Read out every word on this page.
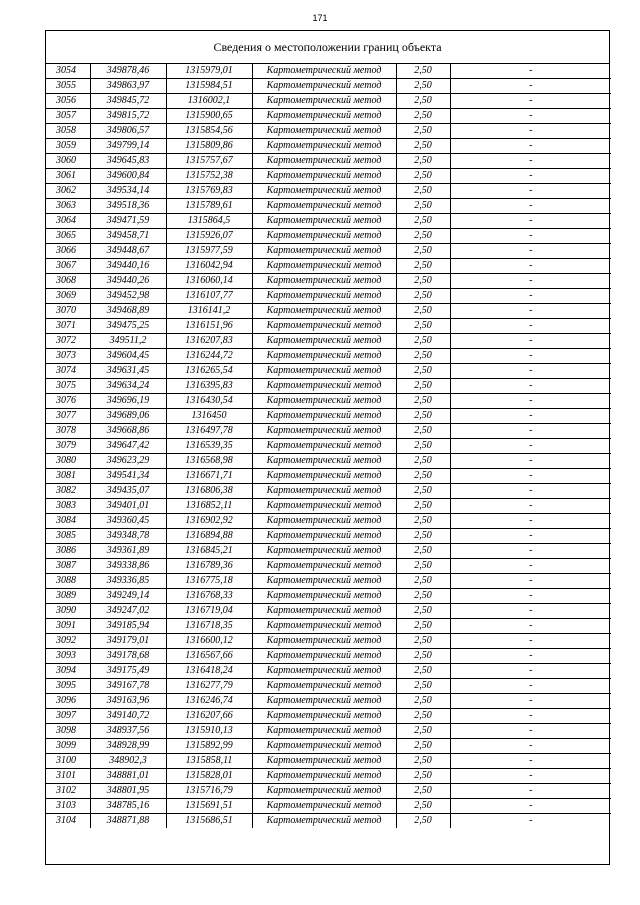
171
Сведения о местоположении границ объекта
3054	349878,46	1315979,01	Картометрический метод	2,50	-
3055	349863,97	1315984,51	Картометрический метод	2,50	-
3056	349845,72	1316002,1	Картометрический метод	2,50	-
3057	349815,72	1315900,65	Картометрический метод	2,50	-
3058	349806,57	1315854,56	Картометрический метод	2,50	-
3059	349799,14	1315809,86	Картометрический метод	2,50	-
3060	349645,83	1315757,67	Картометрический метод	2,50	-
3061	349600,84	1315752,38	Картометрический метод	2,50	-
3062	349534,14	1315769,83	Картометрический метод	2,50	-
3063	349518,36	1315789,61	Картометрический метод	2,50	-
3064	349471,59	1315864,5	Картометрический метод	2,50	-
3065	349458,71	1315926,07	Картометрический метод	2,50	-
3066	349448,67	1315977,59	Картометрический метод	2,50	-
3067	349440,16	1316042,94	Картометрический метод	2,50	-
3068	349440,26	1316060,14	Картометрический метод	2,50	-
3069	349452,98	1316107,77	Картометрический метод	2,50	-
3070	349468,89	1316141,2	Картометрический метод	2,50	-
3071	349475,25	1316151,96	Картометрический метод	2,50	-
3072	349511,2	1316207,83	Картометрический метод	2,50	-
3073	349604,45	1316244,72	Картометрический метод	2,50	-
3074	349631,45	1316265,54	Картометрический метод	2,50	-
3075	349634,24	1316395,83	Картометрический метод	2,50	-
3076	349696,19	1316430,54	Картометрический метод	2,50	-
3077	349689,06	1316450	Картометрический метод	2,50	-
3078	349668,86	1316497,78	Картометрический метод	2,50	-
3079	349647,42	1316539,35	Картометрический метод	2,50	-
3080	349623,29	1316568,98	Картометрический метод	2,50	-
3081	349541,34	1316671,71	Картометрический метод	2,50	-
3082	349435,07	1316806,38	Картометрический метод	2,50	-
3083	349401,01	1316852,11	Картометрический метод	2,50	-
3084	349360,45	1316902,92	Картометрический метод	2,50	-
3085	349348,78	1316894,88	Картометрический метод	2,50	-
3086	349361,89	1316845,21	Картометрический метод	2,50	-
3087	349338,86	1316789,36	Картометрический метод	2,50	-
3088	349336,85	1316775,18	Картометрический метод	2,50	-
3089	349249,14	1316768,33	Картометрический метод	2,50	-
3090	349247,02	1316719,04	Картометрический метод	2,50	-
3091	349185,94	1316718,35	Картометрический метод	2,50	-
3092	349179,01	1316600,12	Картометрический метод	2,50	-
3093	349178,68	1316567,66	Картометрический метод	2,50	-
3094	349175,49	1316418,24	Картометрический метод	2,50	-
3095	349167,78	1316277,79	Картометрический метод	2,50	-
3096	349163,96	1316246,74	Картометрический метод	2,50	-
3097	349140,72	1316207,66	Картометрический метод	2,50	-
3098	348937,56	1315910,13	Картометрический метод	2,50	-
3099	348928,99	1315892,99	Картометрический метод	2,50	-
3100	348902,3	1315858,11	Картометрический метод	2,50	-
3101	348881,01	1315828,01	Картометрический метод	2,50	-
3102	348801,95	1315716,79	Картометрический метод	2,50	-
3103	348785,16	1315691,51	Картометрический метод	2,50	-
3104	348871,88	1315686,51	Картометрический метод	2,50	-
